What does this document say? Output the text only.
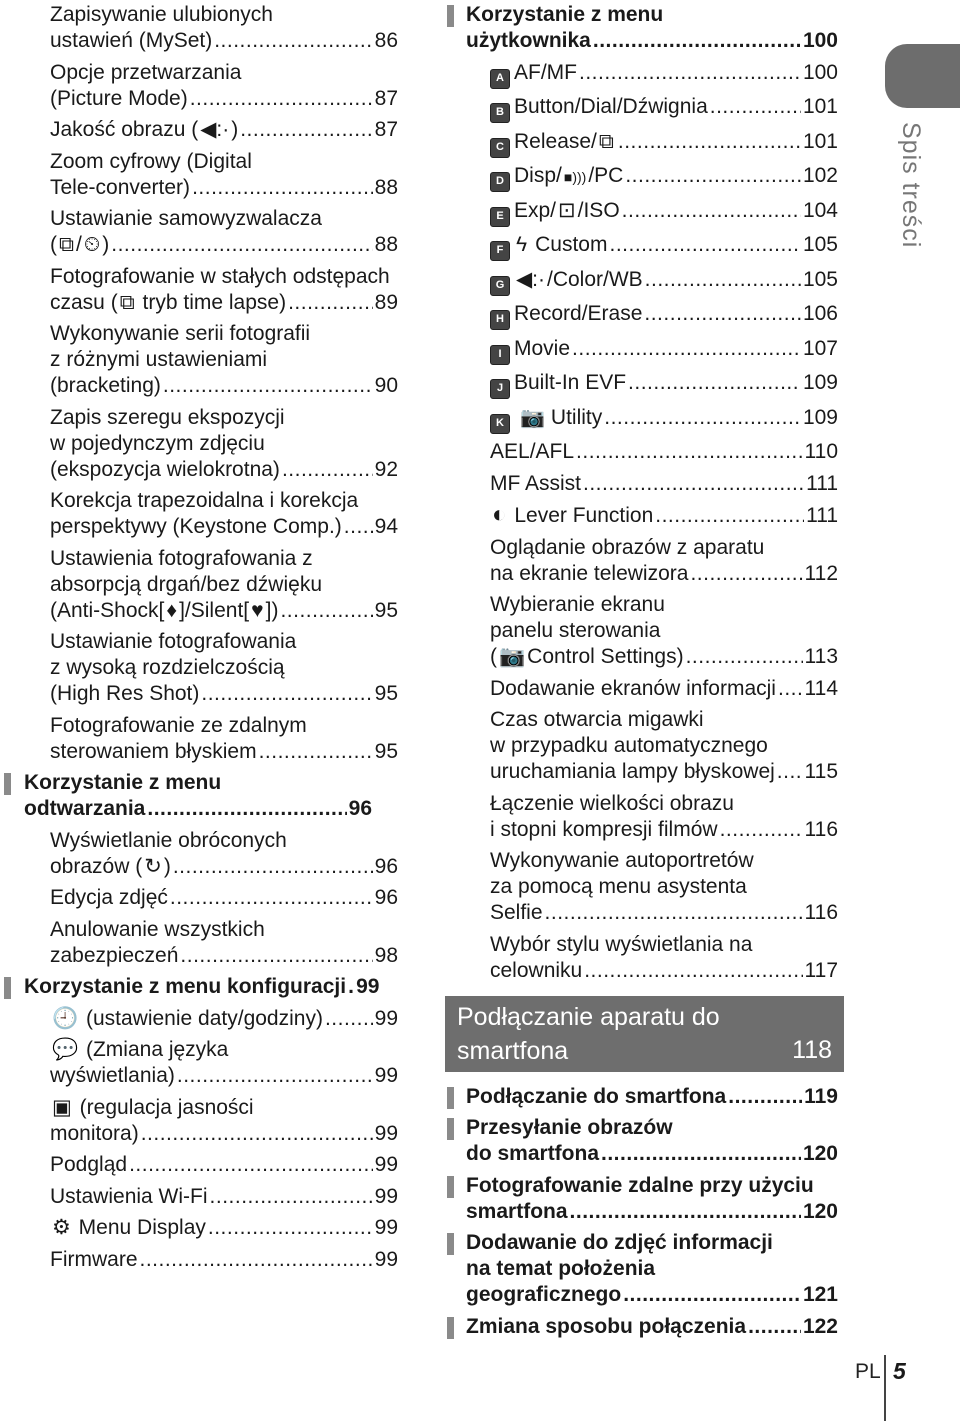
Zapisywanie ulubionych
ustawień (MySet) .....	86
Opcje przetwarzania
(Picture Mode) .....	87
Jakość obrazu (◀:·) .....	87
Zoom cyfrowy (Digital
Tele-converter) .....	88
Ustawianie samowyzwalacza
(⧉/⏲) .....	88
Fotografowanie w stałych odstępach
czasu (⧉ tryb time lapse) .....	89
Wykonywanie serii fotografii
z różnymi ustawieniami
(bracketing) .....	90
Zapis szeregu ekspozycji
w pojedynczym zdjęciu
(ekspozycja wielokrotna) .....	92
Korekcja trapezoidalna i korekcja
perspektywy (Keystone Comp.) ..... 94
Ustawienia fotografowania z
absorpcją drgań/bez dźwięku
(Anti-Shock[♦]/Silent[♥]) .....	95
Ustawianie fotografowania
z wysoką rozdzielczością
(High Res Shot) .....	95
Fotografowanie ze zdalnym
sterowaniem błyskiem .....	95
Korzystanie z menu
odtwarzania .....	96
Wyświetlanie obróconych
obrazów (↻) .....	96
Edycja zdjęć .....	96
Anulowanie wszystkich
zabezpieczeń .....	98
Korzystanie z menu konfiguracji ..... 99
🕘 (ustawienie daty/godziny) ..... 99
💬 (Zmiana języka
wyświetlania) .....	99
▣ (regulacja jasności
monitora) .....	99
Podgląd .....	99
Ustawienia Wi-Fi .....	99
⚙ Menu Display .....	99
Firmware .....	99
Korzystanie z menu
użytkownika .....	100
A AF/MF .....	100
B Button/Dial/Dźwignia .....	101
C Release/⧉ .....	101
D Disp/ ■)))/PC .....	102
E Exp/⊡/ISO .....	104
F ϟ Custom .....	105
G ◀:·/Color/WB .....	105
H Record/Erase .....	106
I Movie .....	107
J Built-In EVF .....	109
K 📷 Utility .....	109
AEL/AFL .....	110
MF Assist .....	111
◐ Lever Function .....	111
Oglądanie obrazów z aparatu
na ekranie telewizora .....	112
Wybieranie ekranu
panelu sterowania
(📷Control Settings) .....	113
Dodawanie ekranów informacji ..... 114
Czas otwarcia migawki
w przypadku automatycznego
uruchamiania lampy błyskowej ..... 115
Łączenie wielkości obrazu
i stopni kompresji filmów .....	116
Wykonywanie autoportretów
za pomocą menu asystenta
Selfie .....	116
Wybór stylu wyświetlania na
celowniku .....	117
Podłączanie aparatu do
smartfona	118
Podłączanie do smartfona .....	119
Przesyłanie obrazów
do smartfona .....	120
Fotografowanie zdalne przy użyciu
smartfona .....	120
Dodawanie do zdjęć informacji
na temat położenia
geograficznego .....	121
Zmiana sposobu połączenia .....	122
Spis treści
PL 5
